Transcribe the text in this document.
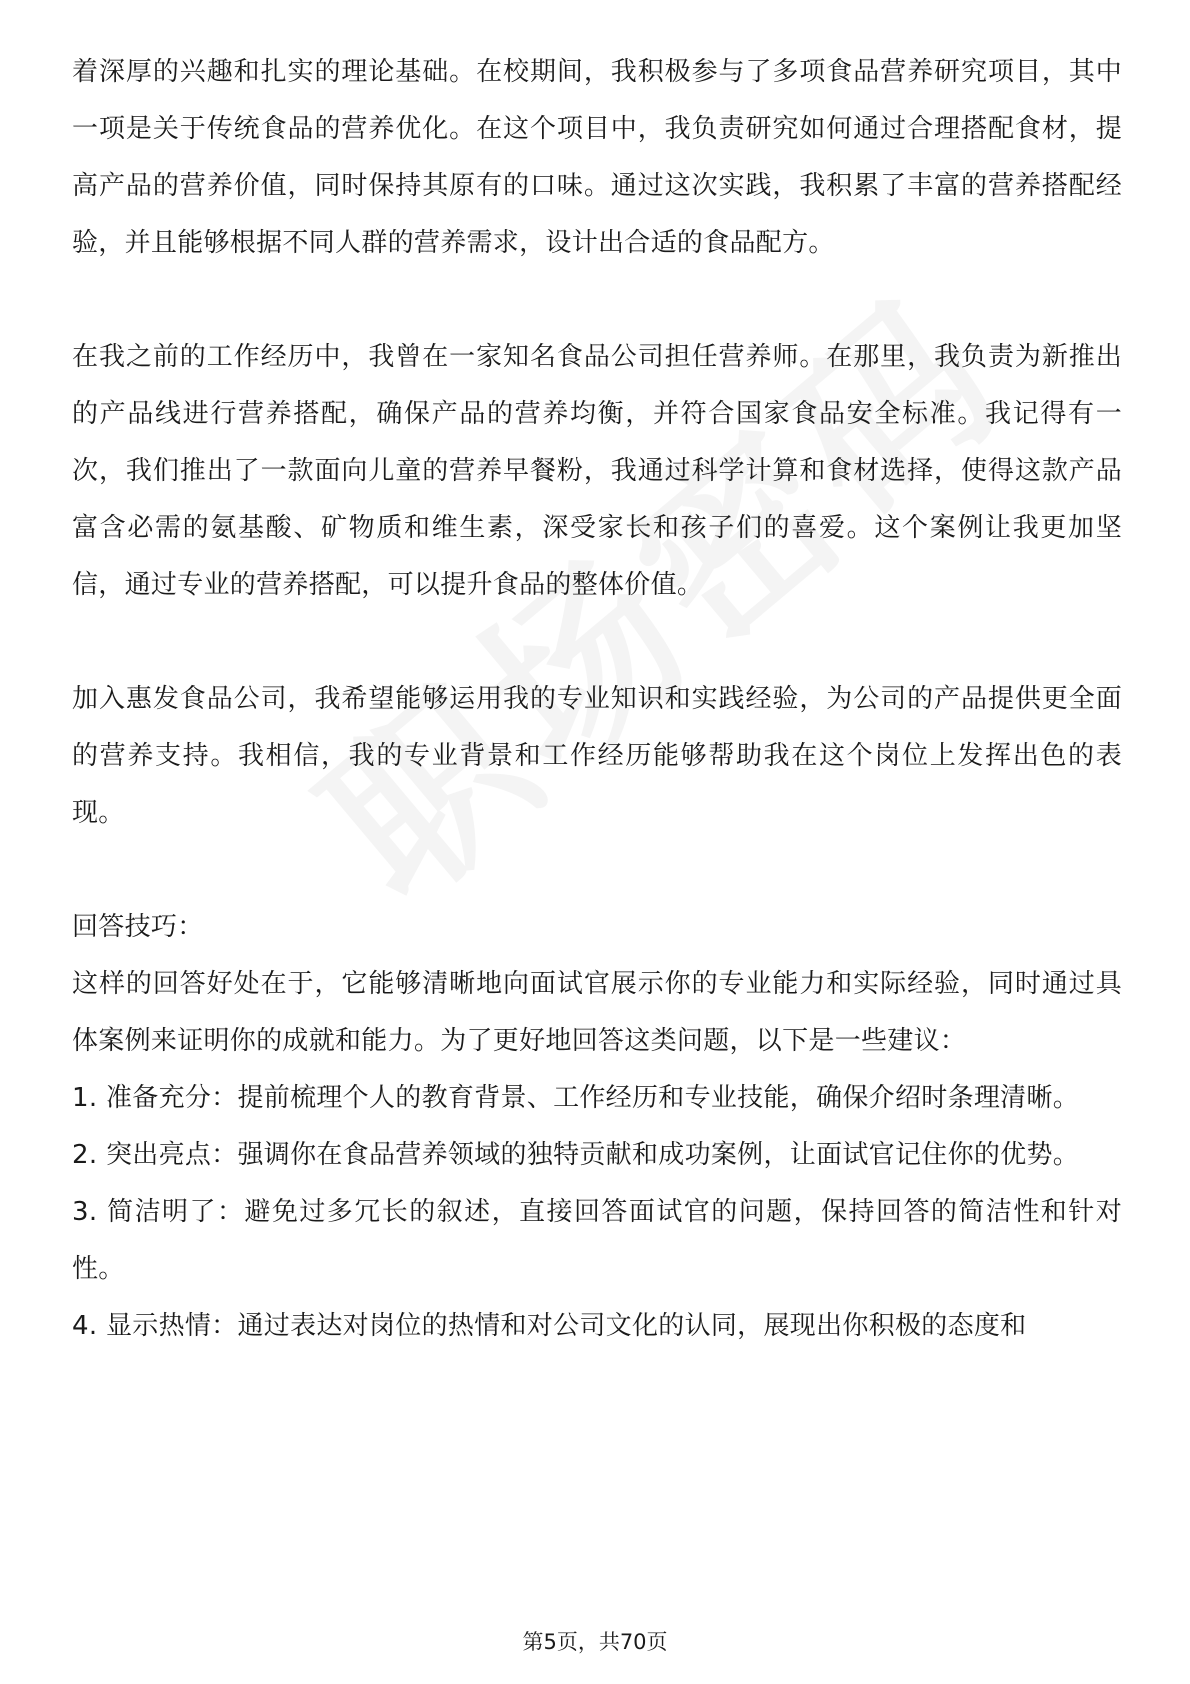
着深厚的兴趣和扎实的理论基础。在校期间，我积极参与了多项食品营养研究项目，其中一项是关于传统食品的营养优化。在这个项目中，我负责研究如何通过合理搭配食材，提高产品的营养价值，同时保持其原有的口味。通过这次实践，我积累了丰富的营养搭配经验，并且能够根据不同人群的营养需求，设计出合适的食品配方。

在我之前的工作经历中，我曾在一家知名食品公司担任营养师。在那里，我负责为新推出的产品线进行营养搭配，确保产品的营养均衡，并符合国家食品安全标准。我记得有一次，我们推出了一款面向儿童的营养早餐粉，我通过科学计算和食材选择，使得这款产品富含必需的氨基酸、矿物质和维生素，深受家长和孩子们的喜爱。这个案例让我更加坚信，通过专业的营养搭配，可以提升食品的整体价值。

加入惠发食品公司，我希望能够运用我的专业知识和实践经验，为公司的产品提供更全面的营养支持。我相信，我的专业背景和工作经历能够帮助我在这个岗位上发挥出色的表现。

回答技巧：

这样的回答好处在于，它能够清晰地向面试官展示你的专业能力和实际经验，同时通过具体案例来证明你的成就和能力。为了更好地回答这类问题，以下是一些建议：

1. 准备充分：提前梳理个人的教育背景、工作经历和专业技能，确保介绍时条理清晰。

2. 突出亮点：强调你在食品营养领域的独特贡献和成功案例，让面试官记住你的优势。

3. 简洁明了：避免过多冗长的叙述，直接回答面试官的问题，保持回答的简洁性和针对性。

4. 显示热情：通过表达对岗位的热情和对公司文化的认同，展现出你积极的态度和

第5页，共70页
